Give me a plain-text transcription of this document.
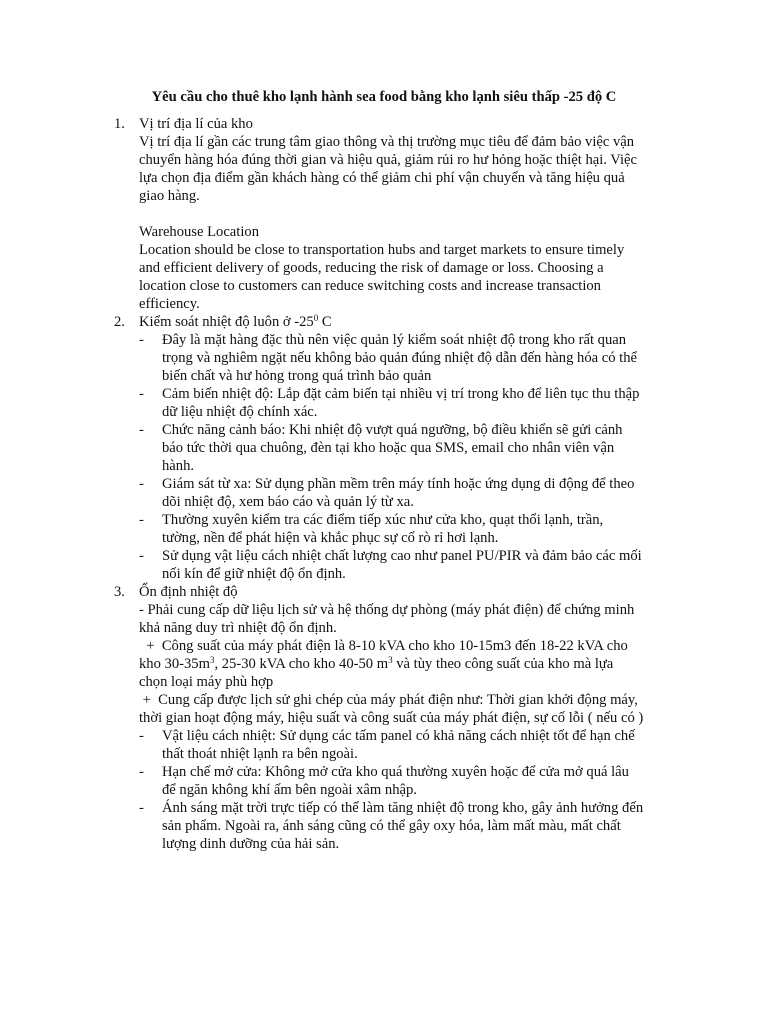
Yêu cầu cho thuê kho lạnh hành sea food bằng kho lạnh siêu thấp -25 độ C
1. Vị trí địa lí của kho
Vị trí địa lí gần các trung tâm giao thông và thị trường mục tiêu để đảm bảo việc vận
chuyển hàng hóa đúng thời gian và hiệu quả, giảm rủi ro hư hỏng hoặc thiệt hại. Việc
lựa chọn địa điểm gần khách hàng có thể giảm chi phí vận chuyển và tăng hiệu quả
giao hàng.
Warehouse Location
Location should be close to transportation hubs and target markets to ensure timely
and efficient delivery of goods, reducing the risk of damage or loss. Choosing a
location close to customers can reduce switching costs and increase transaction
efficiency.
2. Kiểm soát nhiệt độ luôn ở $-25^0$ C
- Đây là mặt hàng đặc thù nên việc quản lý kiểm soát nhiệt độ trong kho rất quan
trọng và nghiêm ngặt nếu không bảo quản đúng nhiệt độ dẫn đến hàng hóa có thể
biến chất và hư hỏng trong quá trình bảo quản
- Cảm biến nhiệt độ: Lắp đặt cảm biến tại nhiều vị trí trong kho để liên tục thu thập
dữ liệu nhiệt độ chính xác.
- Chức năng cảnh báo: Khi nhiệt độ vượt quá ngưỡng, bộ điều khiển sẽ gửi cảnh
báo tức thời qua chuông, đèn tại kho hoặc qua SMS, email cho nhân viên vận
hành.
- Giám sát từ xa: Sử dụng phần mềm trên máy tính hoặc ứng dụng di động để theo
dõi nhiệt độ, xem báo cáo và quản lý từ xa.
- Thường xuyên kiểm tra các điểm tiếp xúc như cửa kho, quạt thổi lạnh, trần,
tường, nền để phát hiện và khắc phục sự cố rò rỉ hơi lạnh.
- Sử dụng vật liệu cách nhiệt chất lượng cao như panel PU/PIR và đảm bảo các mối
nối kín để giữ nhiệt độ ổn định.
3. Ổn định nhiệt độ
- Phải cung cấp dữ liệu lịch sử và hệ thống dự phòng (máy phát điện) để chứng minh
khả năng duy trì nhiệt độ ổn định.
+  Công suất của máy phát điện là 8-10 kVA cho kho 10-15m3 đến 18-22 kVA cho
kho $30-35m^3$, 25-30 kVA cho kho 40-50 $m^3$ và tùy theo công suất của kho mà lựa
chọn loại máy phù hợp
+  Cung cấp được lịch sử ghi chép của máy phát điện như: Thời gian khởi động máy,
thời gian hoạt động máy, hiệu suất và công suất của máy phát điện, sự cố lỗi ( nếu có )
- Vật liệu cách nhiệt: Sử dụng các tấm panel có khả năng cách nhiệt tốt để hạn chế
thất thoát nhiệt lạnh ra bên ngoài.
- Hạn chế mở cửa: Không mở cửa kho quá thường xuyên hoặc để cửa mở quá lâu
để ngăn không khí ấm bên ngoài xâm nhập.
- Ánh sáng mặt trời trực tiếp có thể làm tăng nhiệt độ trong kho, gây ảnh hưởng đến
sản phẩm. Ngoài ra, ánh sáng cũng có thể gây oxy hóa, làm mất màu, mất chất
lượng dinh dưỡng của hải sản.
